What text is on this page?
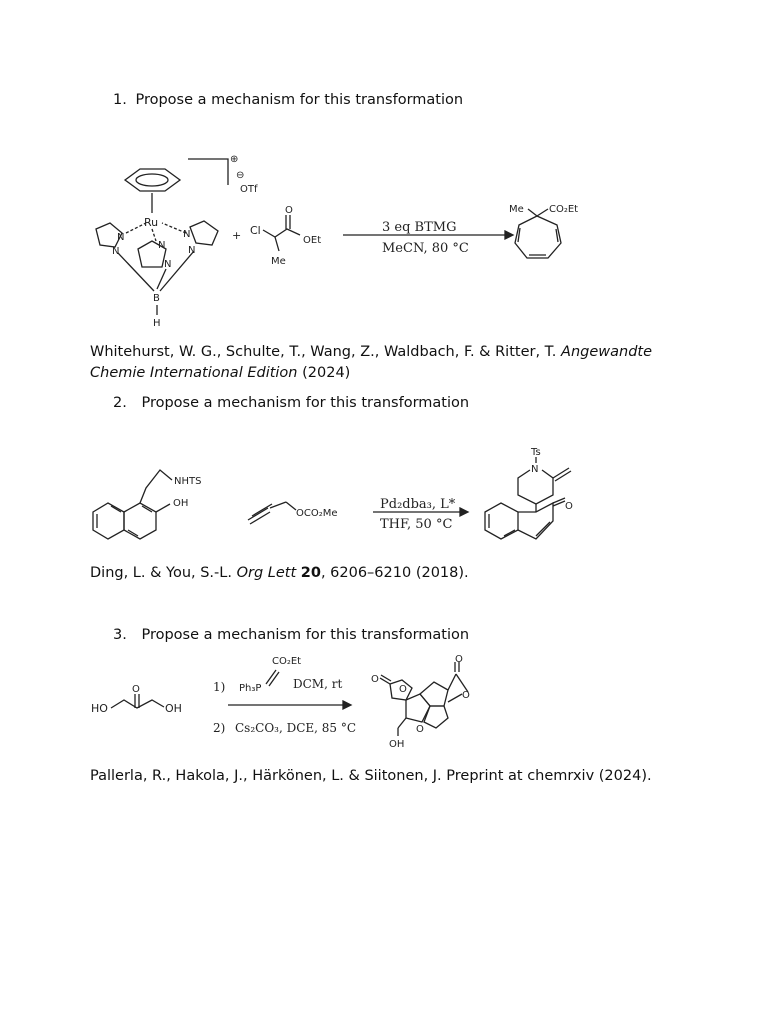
1. Propose a mechanism for this transformation
⊕
⊖
OTf
Ru
N
N
N
N
N
N
B
H
+ Cl
Me
O
OEt
3 eq BTMG
MeCN, 80 °C
Me	CO₂Et
Whitehurst, W. G., Schulte, T., Wang, Z., Waldbach, F. & Ritter, T. Angewandte Chemie International Edition (2024)
2. Propose a mechanism for this transformation
NHTS
OH
OCO₂Me
Pd₂dba₃, L*
THF, 50 °C
Ts
N
O
Ding, L. & You, S.-L. Org Lett 20, 6206–6210 (2018).
3. Propose a mechanism for this transformation
HO
O
OH
1) Ph₃P
CO₂Et
DCM, rt
2) Cs₂CO₃, DCE, 85 °C
O
O
O
O
O
OH
Pallerla, R., Hakola, J., Härkönen, L. & Siitonen, J. Preprint at chemrxiv (2024).
